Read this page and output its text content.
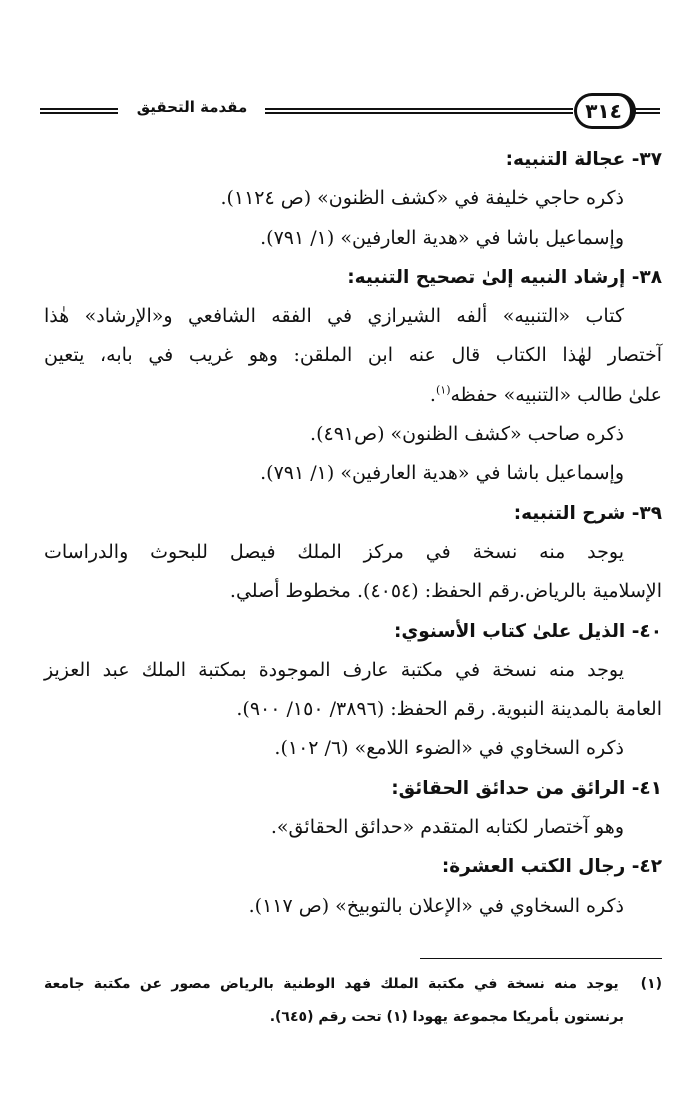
مقدمة التحقيق	٣١٤
٣٧- عجالة التنبيه:
ذكره حاجي خليفة في «كشف الظنون» (ص ١١٢٤).
وإسماعيل باشا في «هدية العارفين» (١/ ٧٩١).
٣٨- إرشاد النبيه إلىٰ تصحيح التنبيه:
كتاب «التنبيه» ألفه الشيرازي في الفقه الشافعي و«الإرشاد» هٰذا
آختصار لهٰذا الكتاب قال عنه ابن الملقن: وهو غريب في بابه، يتعين
علىٰ طالب «التنبيه» حفظه$^{(١)}$.
ذكره صاحب «كشف الظنون» (ص٤٩١).
وإسماعيل باشا في «هدية العارفين» (١/ ٧٩١).
٣٩- شرح التنبيه:
يوجد منه نسخة في مركز الملك فيصل للبحوث والدراسات
الإسلامية بالرياض.رقم الحفظ: (٤٠٥٤). مخطوط أصلي.
٤٠- الذيل علىٰ كتاب الأسنوي:
يوجد منه نسخة في مكتبة عارف الموجودة بمكتبة الملك عبد العزيز
العامة بالمدينة النبوية. رقم الحفظ: (٣٨٩٦/ ١٥٠/ ٩٠٠).
ذكره السخاوي في «الضوء اللامع» (٦/ ١٠٢).
٤١- الرائق من حدائق الحقائق:
وهو آختصار لكتابه المتقدم «حدائق الحقائق».
٤٢- رجال الكتب العشرة:
ذكره السخاوي في «الإعلان بالتوبيخ» (ص ١١٧).
(١) يوجد منه نسخة في مكتبة الملك فهد الوطنية بالرياض مصور عن مكتبة جامعة
برنستون بأمريكا مجموعة يهودا (١) تحت رقم (٦٤٥).
